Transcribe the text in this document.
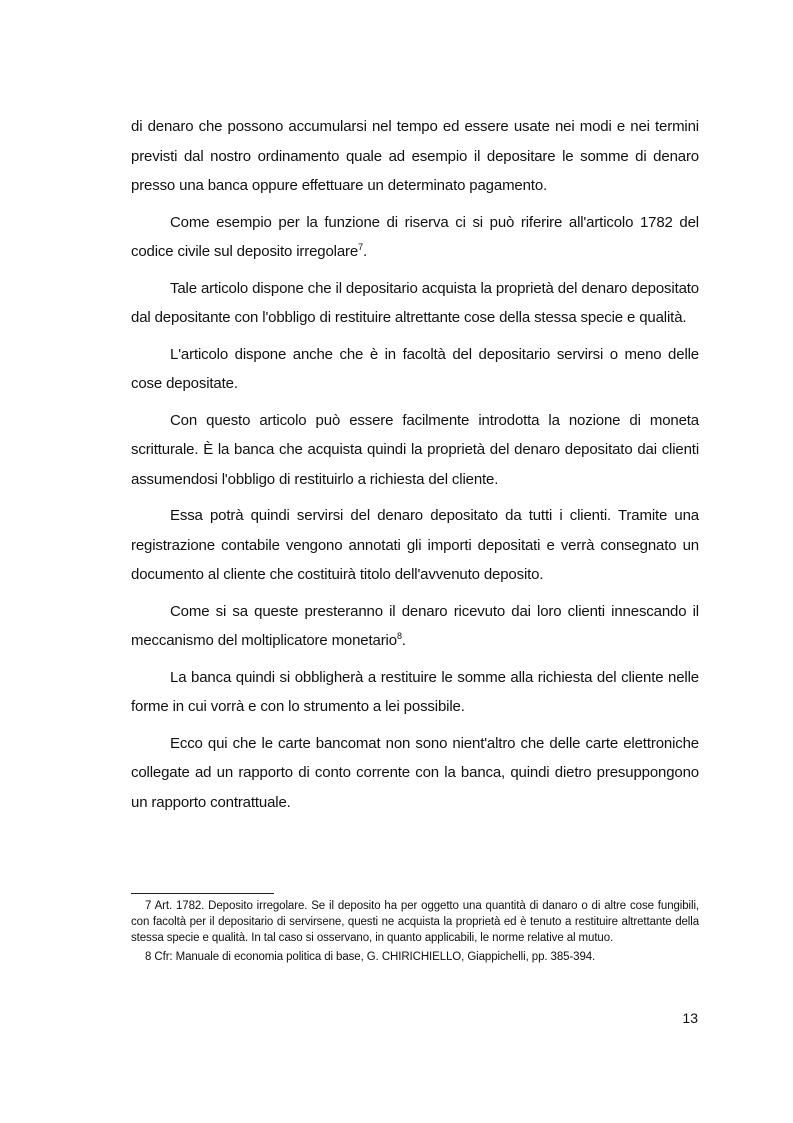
di denaro che possono accumularsi nel tempo ed essere usate nei modi e nei termini previsti dal nostro ordinamento quale ad esempio il depositare le somme di denaro presso una banca oppure effettuare un determinato pagamento.

Come esempio per la funzione di riserva ci si può riferire all'articolo 1782 del codice civile sul deposito irregolare$^7$.

Tale articolo dispone che il depositario acquista la proprietà del denaro depositato dal depositante con l'obbligo di restituire altrettante cose della stessa specie e qualità.

L'articolo dispone anche che è in facoltà del depositario servirsi o meno delle cose depositate.

Con questo articolo può essere facilmente introdotta la nozione di moneta scritturale. È la banca che acquista quindi la proprietà del denaro depositato dai clienti assumendosi l'obbligo di restituirlo a richiesta del cliente.

Essa potrà quindi servirsi del denaro depositato da tutti i clienti. Tramite una registrazione contabile vengono annotati gli importi depositati e verrà consegnato un documento al cliente che costituirà titolo dell'avvenuto deposito.

Come si sa queste presteranno il denaro ricevuto dai loro clienti innescando il meccanismo del moltiplicatore monetario$^8$.

La banca quindi si obbligherà a restituire le somme alla richiesta del cliente nelle forme in cui vorrà e con lo strumento a lei possibile.

Ecco qui che le carte bancomat non sono nient'altro che delle carte elettroniche collegate ad un rapporto di conto corrente con la banca, quindi dietro presuppongono un rapporto contrattuale.

7 Art. 1782. Deposito irregolare. Se il deposito ha per oggetto una quantità di danaro o di altre cose fungibili, con facoltà per il depositario di servirsene, questi ne acquista la proprietà ed è tenuto a restituire altrettante della stessa specie e qualità. In tal caso si osservano, in quanto applicabili, le norme relative al mutuo.

8 Cfr: Manuale di economia politica di base, G. CHIRICHIELLO, Giappichelli, pp. 385-394.

13
